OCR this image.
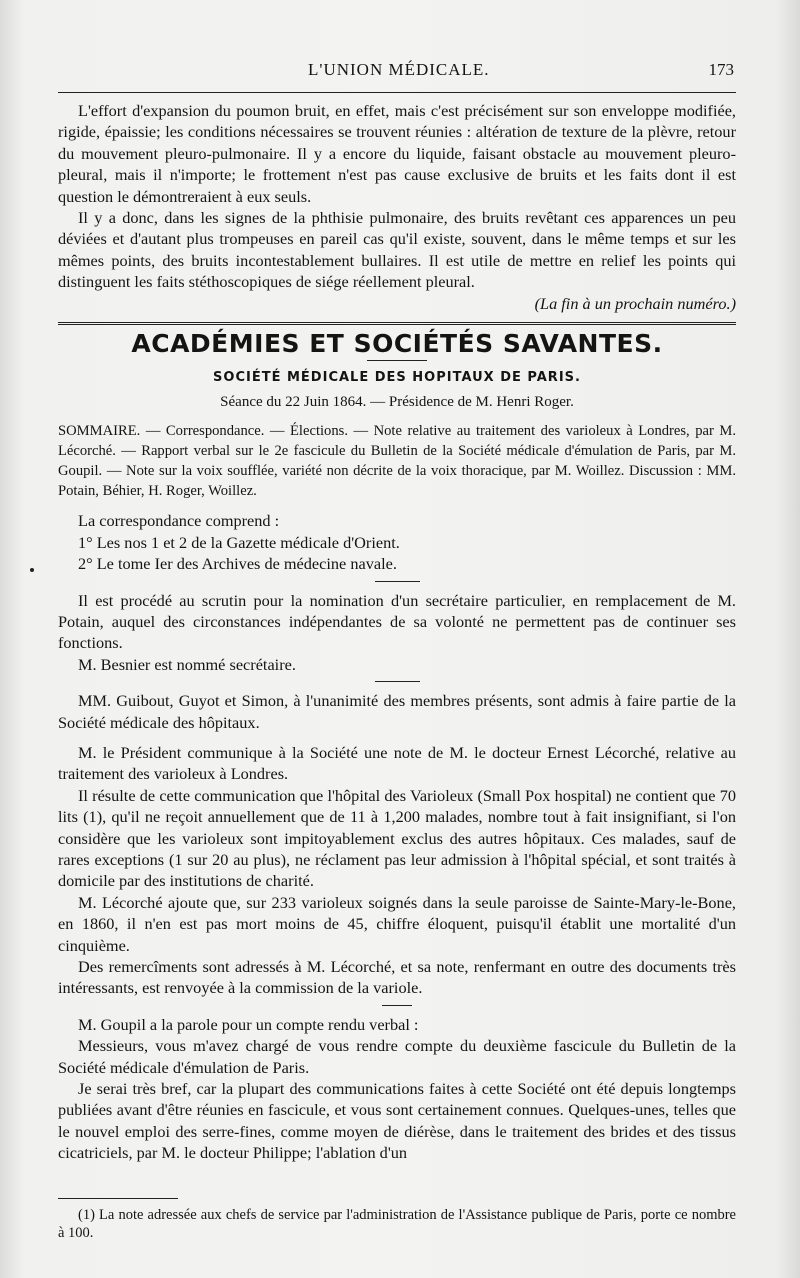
L'UNION MÉDICALE.	173

L'effort d'expansion du poumon bruit, en effet, mais c'est précisément sur son enveloppe modifiée, rigide, épaissie; les conditions nécessaires se trouvent réunies : altération de texture de la plèvre, retour du mouvement pleuro-pulmonaire. Il y a encore du liquide, faisant obstacle au mouvement pleuro-pleural, mais il n'importe; le frottement n'est pas cause exclusive de bruits et les faits dont il est question le démontreraient à eux seuls.

Il y a donc, dans les signes de la phthisie pulmonaire, des bruits revêtant ces apparences un peu déviées et d'autant plus trompeuses en pareil cas qu'il existe, souvent, dans le même temps et sur les mêmes points, des bruits incontestablement bullaires. Il est utile de mettre en relief les points qui distinguent les faits stéthoscopiques de siége réellement pleural.

(La fin à un prochain numéro.)

ACADÉMIES ET SOCIÉTÉS SAVANTES.
SOCIÉTÉ MÉDICALE DES HOPITAUX DE PARIS.
Séance du 22 Juin 1864. — Présidence de M. Henri Roger.
SOMMAIRE. — Correspondance. — Élections. — Note relative au traitement des varioleux à Londres, par M. Lécorché. — Rapport verbal sur le 2e fascicule du Bulletin de la Société médicale d'émulation de Paris, par M. Goupil. — Note sur la voix soufflée, variété non décrite de la voix thoracique, par M. Woillez. Discussion : MM. Potain, Béhier, H. Roger, Woillez.

La correspondance comprend :

1° Les nos 1 et 2 de la Gazette médicale d'Orient.

2° Le tome Ier des Archives de médecine navale.

Il est procédé au scrutin pour la nomination d'un secrétaire particulier, en remplacement de M. Potain, auquel des circonstances indépendantes de sa volonté ne permettent pas de continuer ses fonctions.

M. Besnier est nommé secrétaire.

MM. Guibout, Guyot et Simon, à l'unanimité des membres présents, sont admis à faire partie de la Société médicale des hôpitaux.

M. le Président communique à la Société une note de M. le docteur Ernest Lécorché, relative au traitement des varioleux à Londres.

Il résulte de cette communication que l'hôpital des Varioleux (Small Pox hospital) ne contient que 70 lits (1), qu'il ne reçoit annuellement que de 11 à 1,200 malades, nombre tout à fait insignifiant, si l'on considère que les varioleux sont impitoyablement exclus des autres hôpitaux. Ces malades, sauf de rares exceptions (1 sur 20 au plus), ne réclament pas leur admission à l'hôpital spécial, et sont traités à domicile par des institutions de charité.

M. Lécorché ajoute que, sur 233 varioleux soignés dans la seule paroisse de Sainte-Mary-le-Bone, en 1860, il n'en est pas mort moins de 45, chiffre éloquent, puisqu'il établit une mortalité d'un cinquième.

Des remercîments sont adressés à M. Lécorché, et sa note, renfermant en outre des documents très intéressants, est renvoyée à la commission de la variole.

M. Goupil a la parole pour un compte rendu verbal :

Messieurs, vous m'avez chargé de vous rendre compte du deuxième fascicule du Bulletin de la Société médicale d'émulation de Paris.

Je serai très bref, car la plupart des communications faites à cette Société ont été depuis longtemps publiées avant d'être réunies en fascicule, et vous sont certainement connues. Quelques-unes, telles que le nouvel emploi des serre-fines, comme moyen de diérèse, dans le traitement des brides et des tissus cicatriciels, par M. le docteur Philippe; l'ablation d'un

(1) La note adressée aux chefs de service par l'administration de l'Assistance publique de Paris, porte ce nombre à 100.
